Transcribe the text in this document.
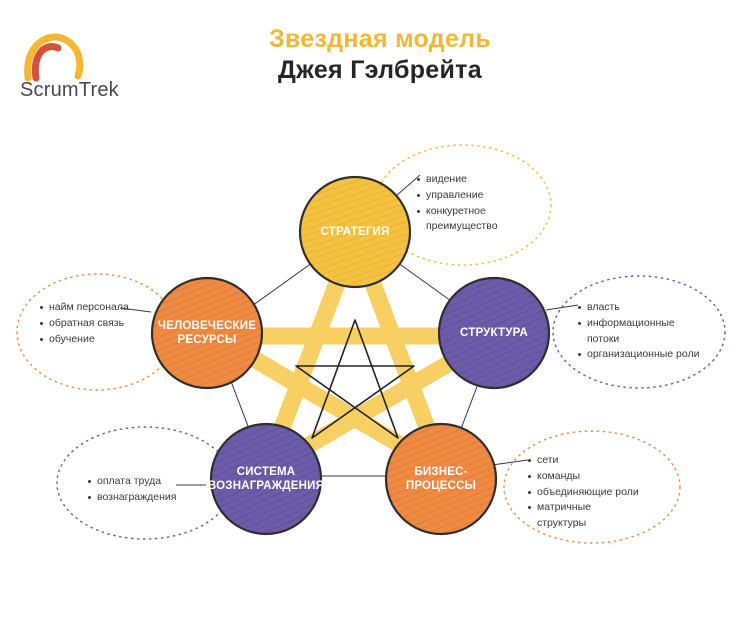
ScrumTrek
Звездная модель
Джея Гэлбрейта
СТРАТЕГИЯ
СТРУКТУРА
БИЗНЕС-
ПРОЦЕССЫ
СИСТЕМА
ВОЗНАГРАЖДЕНИЯ
ЧЕЛОВЕЧЕСКИЕ
РЕСУРСЫ
видение
управление
конкуретное
преимущество
власть
информационные
потоки
организационные роли
сети
команды
объединяющие роли
матричные
структуры
оплата труда
вознаграждения
найм персонала
обратная связь
обучение
